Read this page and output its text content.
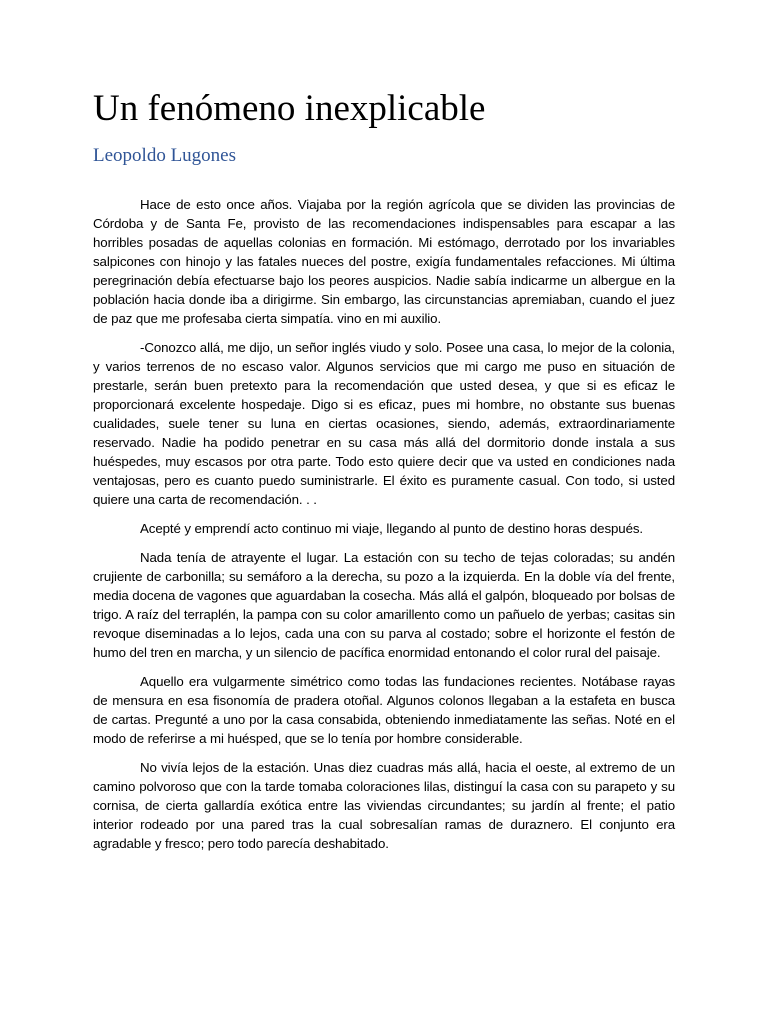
Un fenómeno inexplicable
Leopoldo Lugones

Hace de esto once años. Viajaba por la región agrícola que se dividen las provincias de Córdoba y de Santa Fe, provisto de las recomendaciones indispensables para escapar a las horribles posadas de aquellas colonias en formación. Mi estómago, derrotado por los invariables salpicones con hinojo y las fatales nueces del postre, exigía fundamentales refacciones. Mi última peregrinación debía efectuarse bajo los peores auspicios. Nadie sabía indicarme un albergue en la población hacia donde iba a dirigirme. Sin embargo, las circunstancias apremiaban, cuando el juez de paz que me profesaba cierta simpatía. vino en mi auxilio.

-Conozco allá, me dijo, un señor inglés viudo y solo. Posee una casa, lo mejor de la colonia, y varios terrenos de no escaso valor. Algunos servicios que mi cargo me puso en situación de prestarle, serán buen pretexto para la recomendación que usted desea, y que si es eficaz le proporcionará excelente hospedaje. Digo si es eficaz, pues mi hombre, no obstante sus buenas cualidades, suele tener su luna en ciertas ocasiones, siendo, además, extraordinariamente reservado. Nadie ha podido penetrar en su casa más allá del dormitorio donde instala a sus huéspedes, muy escasos por otra parte. Todo esto quiere decir que va usted en condiciones nada ventajosas, pero es cuanto puedo suministrarle. El éxito es puramente casual. Con todo, si usted quiere una carta de recomendación. . .

Acepté y emprendí acto continuo mi viaje, llegando al punto de destino horas después.

Nada tenía de atrayente el lugar. La estación con su techo de tejas coloradas; su andén crujiente de carbonilla; su semáforo a la derecha, su pozo a la izquierda. En la doble vía del frente, media docena de vagones que aguardaban la cosecha. Más allá el galpón, bloqueado por bolsas de trigo. A raíz del terraplén, la pampa con su color amarillento como un pañuelo de yerbas; casitas sin revoque diseminadas a lo lejos, cada una con su parva al costado; sobre el horizonte el festón de humo del tren en marcha, y un silencio de pacífica enormidad entonando el color rural del paisaje.

Aquello era vulgarmente simétrico como todas las fundaciones recientes. Notábase rayas de mensura en esa fisonomía de pradera otoñal. Algunos colonos llegaban a la estafeta en busca de cartas. Pregunté a uno por la casa consabida, obteniendo inmediatamente las señas. Noté en el modo de referirse a mi huésped, que se lo tenía por hombre considerable.

No vivía lejos de la estación. Unas diez cuadras más allá, hacia el oeste, al extremo de un camino polvoroso que con la tarde tomaba coloraciones lilas, distinguí la casa con su parapeto y su cornisa, de cierta gallardía exótica entre las viviendas circundantes; su jardín al frente; el patio interior rodeado por una pared tras la cual sobresalían ramas de duraznero. El conjunto era agradable y fresco; pero todo parecía deshabitado.
